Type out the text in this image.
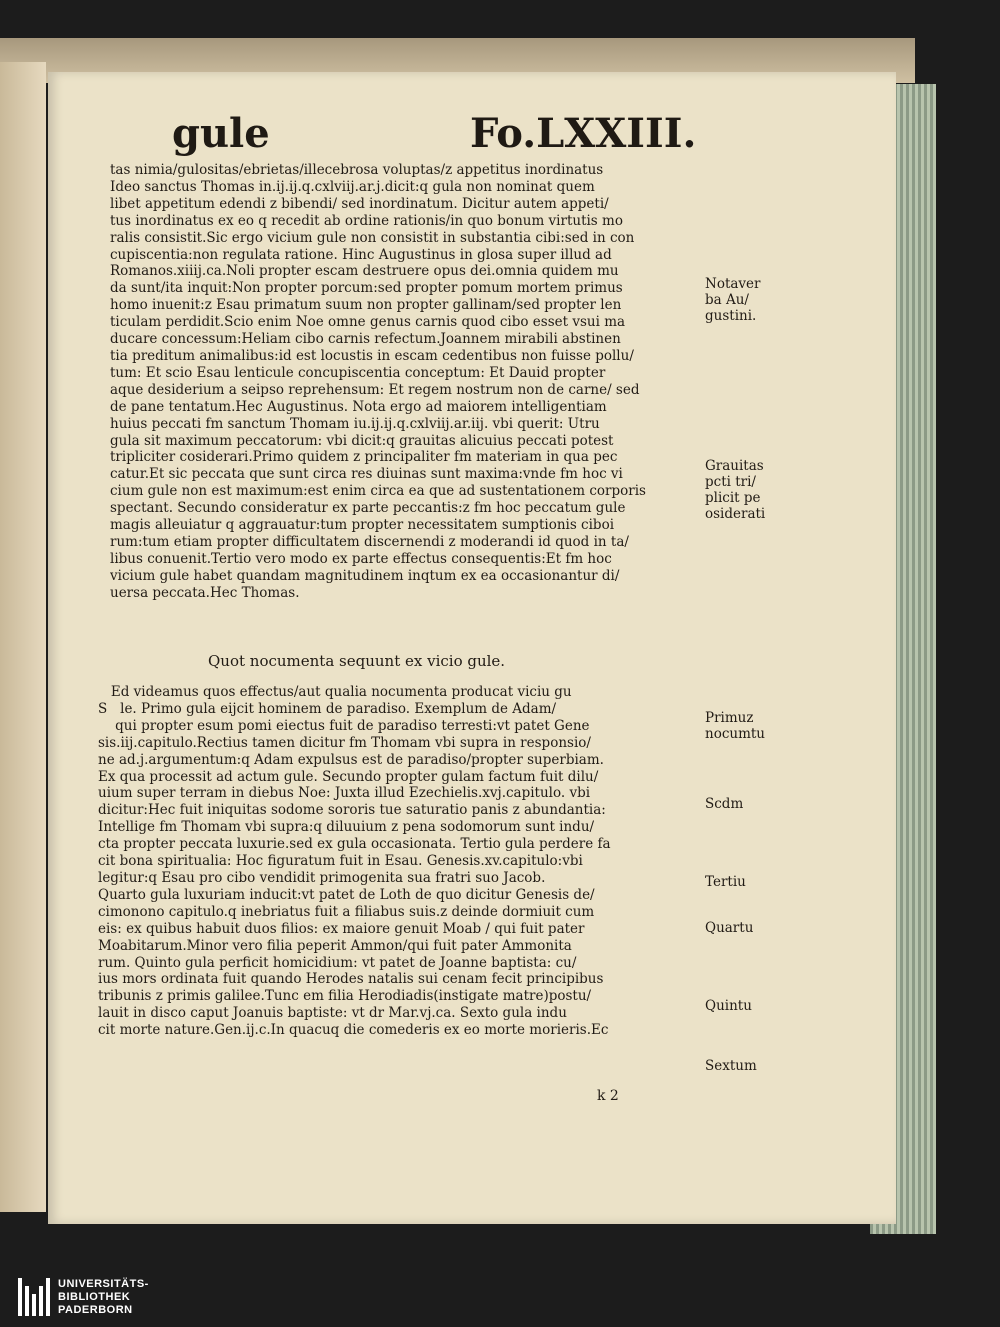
gule	Fo.LXXIII.
tas nimia/gulositas/ebrietas/illecebrosa voluptas/z appetitus inordinatus
Ideo sanctus Thomas in.ij.ij.q.cxlviij.ar.j.dicit:q gula non nominat quem
libet appetitum edendi z bibendi/ sed inordinatum. Dicitur autem appeti/
tus inordinatus ex eo q recedit ab ordine rationis/in quo bonum virtutis mo
ralis consistit.Sic ergo vicium gule non consistit in substantia cibi:sed in con
cupiscentia:non regulata ratione. Hinc Augustinus in glosa super illud ad
Romanos.xiiij.ca.Noli propter escam destruere opus dei.omnia quidem mu
da sunt/ita inquit:Non propter porcum:sed propter pomum mortem primus
homo inuenit:z Esau primatum suum non propter gallinam/sed propter len
ticulam perdidit.Scio enim Noe omne genus carnis quod cibo esset vsui ma
ducare concessum:Heliam cibo carnis refectum.Joannem mirabili abstinen
tia preditum animalibus:id est locustis in escam cedentibus non fuisse pollu/
tum: Et scio Esau lenticule concupiscentia conceptum: Et Dauid propter
aque desiderium a seipso reprehensum: Et regem nostrum non de carne/ sed
de pane tentatum.Hec Augustinus. Nota ergo ad maiorem intelligentiam
huius peccati fm sanctum Thomam iu.ij.ij.q.cxlviij.ar.iij. vbi querit: Utru
gula sit maximum peccatorum: vbi dicit:q grauitas alicuius peccati potest
tripliciter cosiderari.Primo quidem z principaliter fm materiam in qua pec
catur.Et sic peccata que sunt circa res diuinas sunt maxima:vnde fm hoc vi
cium gule non est maximum:est enim circa ea que ad sustentationem corporis
spectant. Secundo consideratur ex parte peccantis:z fm hoc peccatum gule
magis alleuiatur q aggrauatur:tum propter necessitatem sumptionis ciboi
rum:tum etiam propter difficultatem discernendi z moderandi id quod in ta/
libus conuenit.Tertio vero modo ex parte effectus consequentis:Et fm hoc
vicium gule habet quandam magnitudinem inqtum ex ea occasionantur di/
uersa peccata.Hec Thomas.
Quot nocumenta sequunt ex vicio gule.
Ed videamus quos effectus/aut qualia nocumenta producat viciu gu
S   le. Primo gula eijcit hominem de paradiso. Exemplum de Adam/
qui propter esum pomi eiectus fuit de paradiso terresti:vt patet Gene
sis.iij.capitulo.Rectius tamen dicitur fm Thomam vbi supra in responsio/
ne ad.j.argumentum:q Adam expulsus est de paradiso/propter superbiam.
Ex qua processit ad actum gule. Secundo propter gulam factum fuit dilu/
uium super terram in diebus Noe: Juxta illud Ezechielis.xvj.capitulo. vbi
dicitur:Hec fuit iniquitas sodome sororis tue saturatio panis z abundantia:
Intellige fm Thomam vbi supra:q diluuium z pena sodomorum sunt indu/
cta propter peccata luxurie.sed ex gula occasionata. Tertio gula perdere fa
cit bona spiritualia: Hoc figuratum fuit in Esau. Genesis.xv.capitulo:vbi
legitur:q Esau pro cibo vendidit primogenita sua fratri suo Jacob.
Quarto gula luxuriam inducit:vt patet de Loth de quo dicitur Genesis de/
cimonono capitulo.q inebriatus fuit a filiabus suis.z deinde dormiuit cum
eis: ex quibus habuit duos filios: ex maiore genuit Moab / qui fuit pater
Moabitarum.Minor vero filia peperit Ammon/qui fuit pater Ammonita
rum. Quinto gula perficit homicidium: vt patet de Joanne baptista: cu/
ius mors ordinata fuit quando Herodes natalis sui cenam fecit principibus
tribunis z primis galilee.Tunc em filia Herodiadis(instigate matre)postu/
lauit in disco caput Joanuis baptiste: vt dr Mar.vj.ca. Sexto gula indu
cit morte nature.Gen.ij.c.In quacuq die comederis ex eo morte morieris.Ec
Notaver
ba Au/
gustini.
Grauitas
pcti tri/
plicit pe
osiderati
Primuz
nocumtu
Scdm
Tertiu
Quartu
Quintu
Sextum
k 2
UNIVERSITÄTS-
BIBLIOTHEK
PADERBORN
